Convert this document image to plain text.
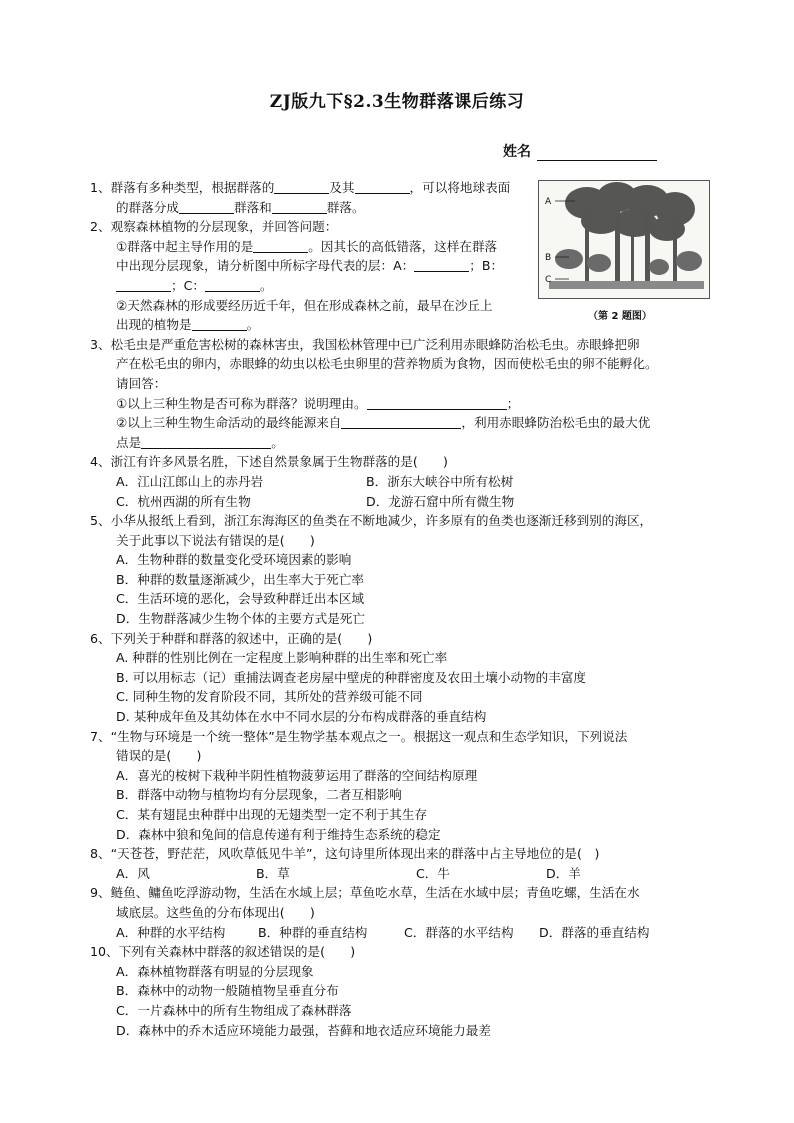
ZJ版九下§2.3生物群落课后练习
姓名
A
B
C
（第 2 题图）

1、群落有多种类型，根据群落的	及其	，可以将地球表面

的群落分成	群落和	群落。

2、观察森林植物的分层现象，并回答问题：

①群落中起主导作用的是	。因其长的高低错落，这样在群落

中出现分层现象，请分析图中所标字母代表的层：A：	；B：

；C：	。

②天然森林的形成要经历近千年，但在形成森林之前，最早在沙丘上

出现的植物是	。

3、松毛虫是严重危害松树的森林害虫，我国松林管理中已广泛利用赤眼蜂防治松毛虫。赤眼蜂把卵

产在松毛虫的卵内，赤眼蜂的幼虫以松毛虫卵里的营养物质为食物，因而使松毛虫的卵不能孵化。

请回答：

①以上三种生物是否可称为群落？说明理由。	；

②以上三种生物生命活动的最终能源来自	，利用赤眼蜂防治松毛虫的最大优

点是	。

4、浙江有许多风景名胜，下述自然景象属于生物群落的是(　　)

A．江山江郎山上的赤丹岩	B．浙东大峡谷中所有松树

C．杭州西湖的所有生物	D．龙游石窟中所有微生物

5、小华从报纸上看到，浙江东海海区的鱼类在不断地减少，许多原有的鱼类也逐渐迁移到别的海区，

关于此事以下说法有错误的是(　　)

A．生物种群的数量变化受环境因素的影响

B．种群的数量逐渐减少，出生率大于死亡率

C．生活环境的恶化，会导致种群迁出本区域

D．生物群落减少生物个体的主要方式是死亡

6、下列关于种群和群落的叙述中，正确的是(　　)

A. 种群的性别比例在一定程度上影响种群的出生率和死亡率

B. 可以用标志（记）重捕法调查老房屋中壁虎的种群密度及农田土壤小动物的丰富度

C. 同种生物的发育阶段不同，其所处的营养级可能不同

D. 某种成年鱼及其幼体在水中不同水层的分布构成群落的垂直结构

7、“生物与环境是一个统一整体”是生物学基本观点之一。根据这一观点和生态学知识，下列说法

错误的是(　　)

A．喜光的桉树下栽种半阴性植物菠萝运用了群落的空间结构原理

B．群落中动物与植物均有分层现象，二者互相影响

C．某有翅昆虫种群中出现的无翅类型一定不利于其生存

D．森林中狼和兔间的信息传递有利于维持生态系统的稳定

8、“天苍苍，野茫茫，风吹草低见牛羊”，这句诗里所体现出来的群落中占主导地位的是(　)

A．风	B．草	C．牛	D．羊

9、鲢鱼、鳙鱼吃浮游动物，生活在水域上层；草鱼吃水草，生活在水域中层；青鱼吃螺，生活在水

域底层。这些鱼的分布体现出(　　)

A．种群的水平结构	B．种群的垂直结构	C．群落的水平结构 D．群落的垂直结构

10、下列有关森林中群落的叙述错误的是(　　)

A．森林植物群落有明显的分层现象

B．森林中的动物一般随植物呈垂直分布

C．一片森林中的所有生物组成了森林群落

D．森林中的乔木适应环境能力最强，苔藓和地衣适应环境能力最差
